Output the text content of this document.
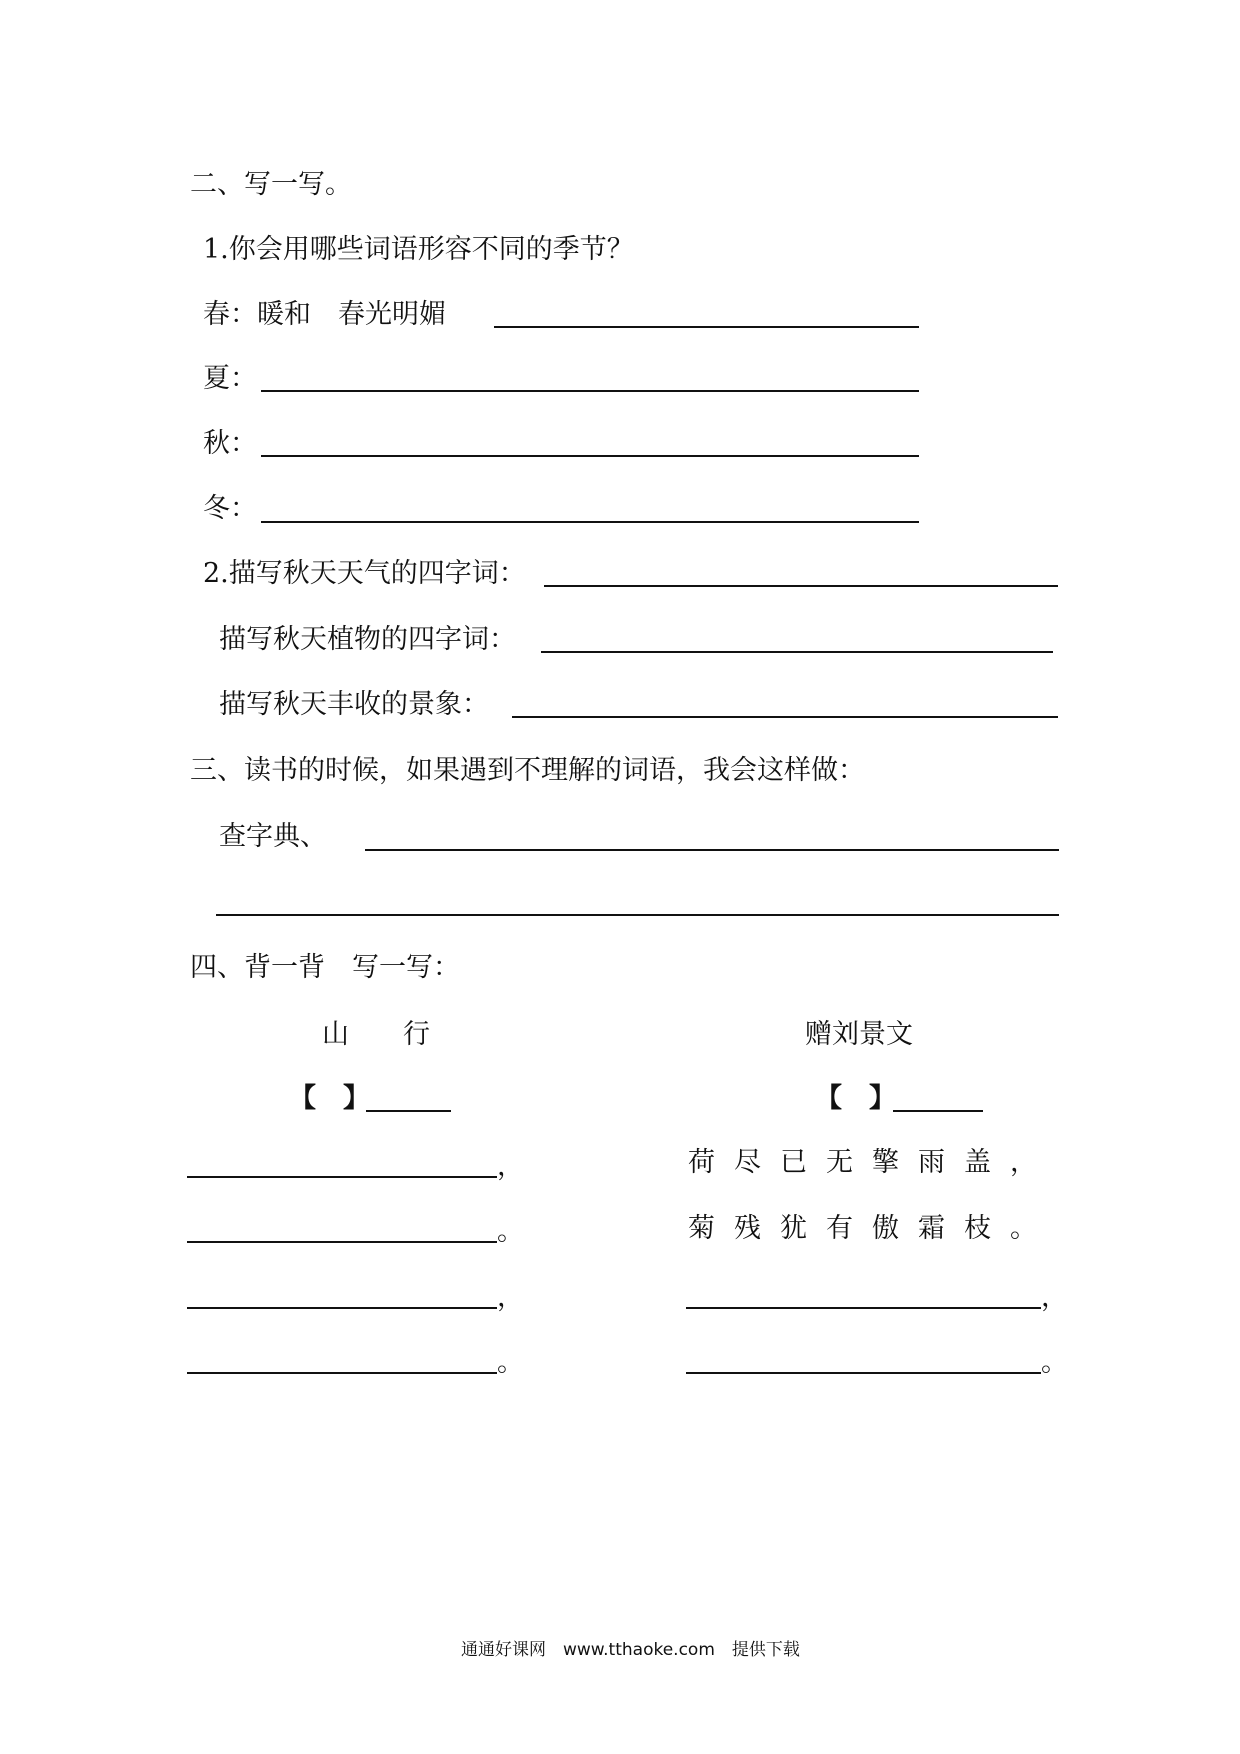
二、写一写。
1.你会用哪些词语形容不同的季节？
春：暖和　春光明媚
夏：
秋：
冬：
2.描写秋天天气的四字词：
描写秋天植物的四字词：
描写秋天丰收的景象：
三、读书的时候，如果遇到不理解的词语，我会这样做：
查字典、
四、背一背　写一写：
山　　行
【　】
，
。
，
。
赠刘景文
【　】
荷尽已无擎雨盖，
菊残犹有傲霜枝。
，
。
通通好课网　www.tthaoke.com　提供下载
